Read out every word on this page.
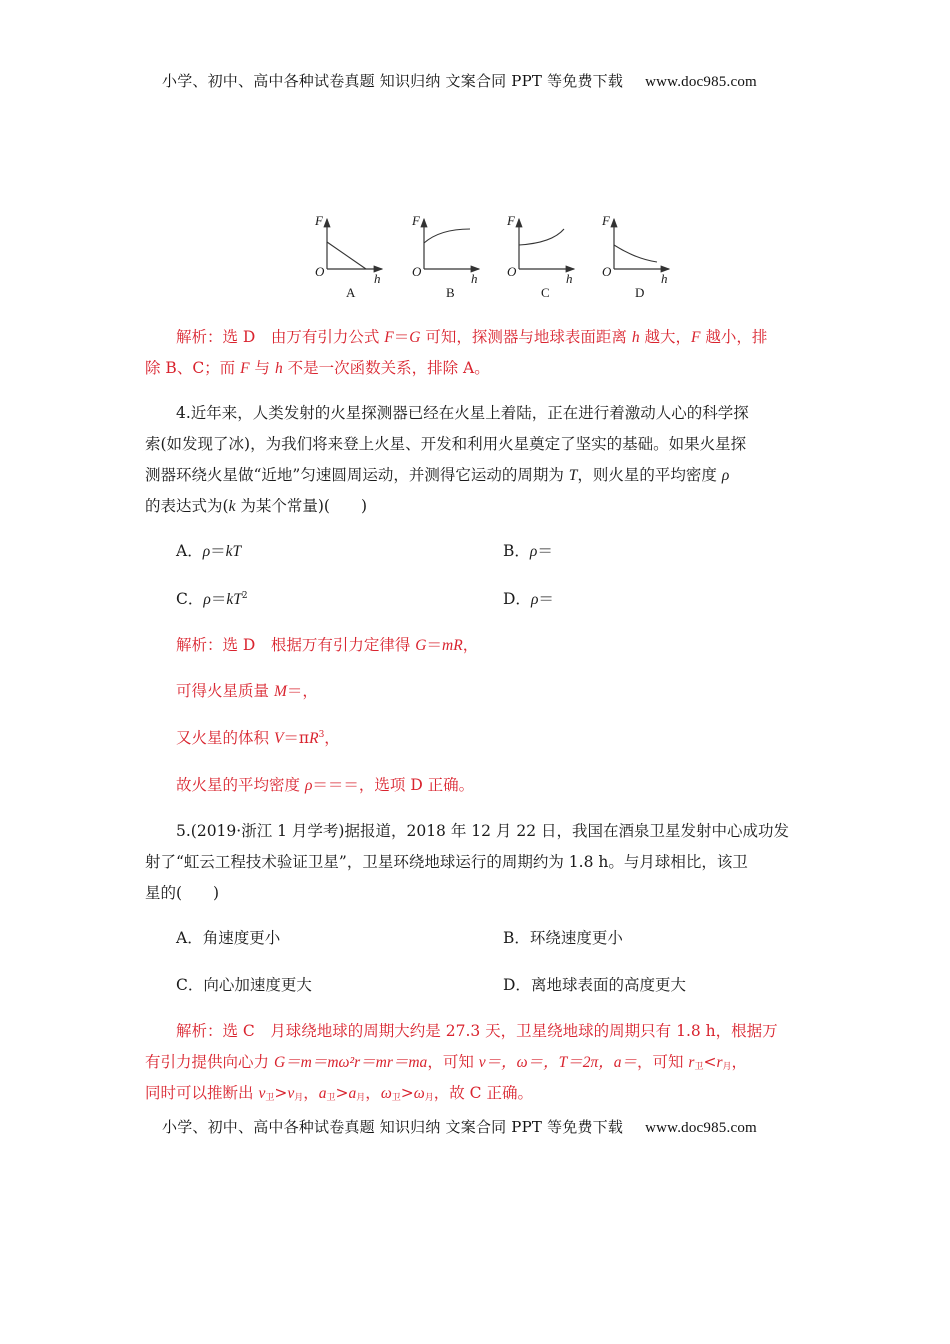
小学、初中、高中各种试卷真题 知识归纳 文案合同 PPT 等免费下载 www.doc985.com
F
O	h
A
F
O	h
B
F
O	h
C
F
O	h
D
解析：选 D　由万有引力公式 F＝G 可知，探测器与地球表面距离 h 越大，F 越小，排
除 B、C；而 F 与 h 不是一次函数关系，排除 A。
4.近年来，人类发射的火星探测器已经在火星上着陆，正在进行着激动人心的科学探
索(如发现了冰)，为我们将来登上火星、开发和利用火星奠定了坚实的基础。如果火星探
测器环绕火星做“近地”匀速圆周运动，并测得它运动的周期为 T，则火星的平均密度 ρ
的表达式为(k 为某个常量)(　　)
A．ρ＝kT	B．ρ＝
C．$\rho=kT^2$	D．ρ＝
解析：选 D　根据万有引力定律得 G＝mR，
可得火星质量 M＝，
又火星的体积 $V=\pi R^3$，
故火星的平均密度 ρ＝＝＝，选项 D 正确。
5.(2019·浙江 1 月学考)据报道，2018 年 12 月 22 日，我国在酒泉卫星发射中心成功发
射了“虹云工程技术验证卫星”，卫星环绕地球运行的周期约为 1.8 h。与月球相比，该卫
星的(　　)
A．角速度更小	B．环绕速度更小
C．向心加速度更大	D．离地球表面的高度更大
解析：选 C　月球绕地球的周期大约是 27.3 天，卫星绕地球的周期只有 1.8 h，根据万
有引力提供向心力 G＝m＝mω²r＝mr＝ma，可知 v＝，ω＝，T＝2π，a＝，可知 $r_卫<r_月$，
同时可以推断出 $v_卫>v_月$，$a_卫>a_月$，$\omega_卫>\omega_月$，故 C 正确。
小学、初中、高中各种试卷真题 知识归纳 文案合同 PPT 等免费下载 www.doc985.com
